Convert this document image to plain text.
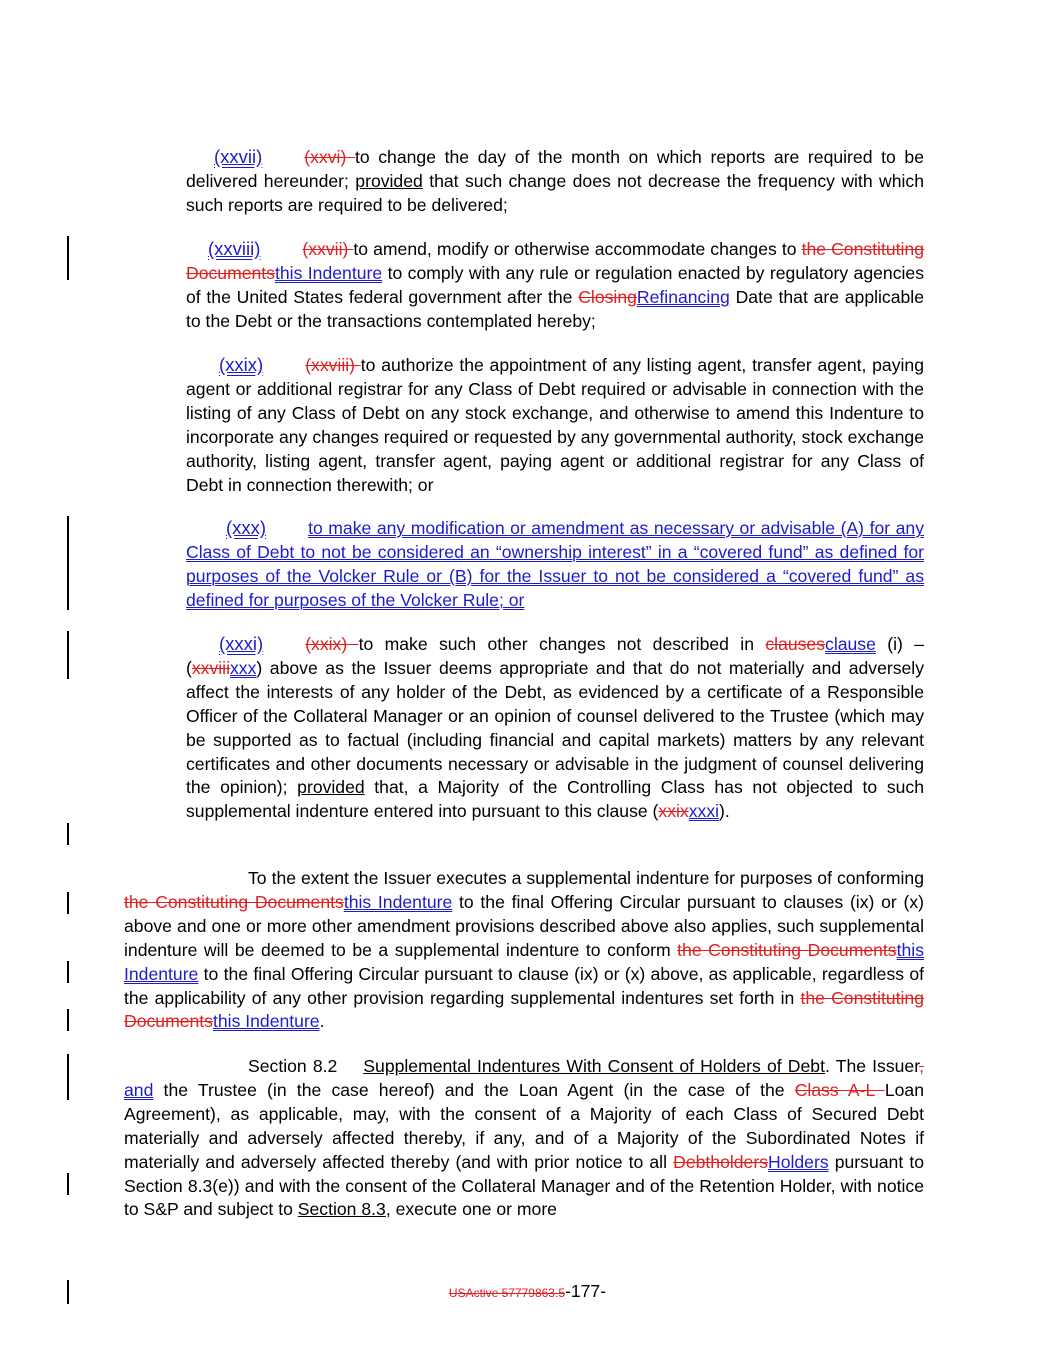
(xxvii) (xxvi) to change the day of the month on which reports are required to be delivered hereunder; provided that such change does not decrease the frequency with which such reports are required to be delivered;
(xxviii) (xxvii) to amend, modify or otherwise accommodate changes to the Constituting Documentsthis Indenture to comply with any rule or regulation enacted by regulatory agencies of the United States federal government after the ClosingRefinancing Date that are applicable to the Debt or the transactions contemplated hereby;
(xxix) (xxviii) to authorize the appointment of any listing agent, transfer agent, paying agent or additional registrar for any Class of Debt required or advisable in connection with the listing of any Class of Debt on any stock exchange, and otherwise to amend this Indenture to incorporate any changes required or requested by any governmental authority, stock exchange authority, listing agent, transfer agent, paying agent or additional registrar for any Class of Debt in connection therewith; or
(xxx) to make any modification or amendment as necessary or advisable (A) for any Class of Debt to not be considered an “ownership interest” in a “covered fund” as defined for purposes of the Volcker Rule or (B) for the Issuer to not be considered a “covered fund” as defined for purposes of the Volcker Rule; or
(xxxi) (xxix) to make such other changes not described in clausesclause (i) – (xxviiixxx) above as the Issuer deems appropriate and that do not materially and adversely affect the interests of any holder of the Debt, as evidenced by a certificate of a Responsible Officer of the Collateral Manager or an opinion of counsel delivered to the Trustee (which may be supported as to factual (including financial and capital markets) matters by any relevant certificates and other documents necessary or advisable in the judgment of counsel delivering the opinion); provided that, a Majority of the Controlling Class has not objected to such supplemental indenture entered into pursuant to this clause (xxixxxxi).
To the extent the Issuer executes a supplemental indenture for purposes of conforming the Constituting Documentsthis Indenture to the final Offering Circular pursuant to clauses (ix) or (x) above and one or more other amendment provisions described above also applies, such supplemental indenture will be deemed to be a supplemental indenture to conform the Constituting Documentsthis Indenture to the final Offering Circular pursuant to clause (ix) or (x) above, as applicable, regardless of the applicability of any other provision regarding supplemental indentures set forth in the Constituting Documentsthis Indenture.
Section 8.2 Supplemental Indentures With Consent of Holders of Debt. The Issuer, and the Trustee (in the case hereof) and the Loan Agent (in the case of the Class A-L Loan Agreement), as applicable, may, with the consent of a Majority of each Class of Secured Debt materially and adversely affected thereby, if any, and of a Majority of the Subordinated Notes if materially and adversely affected thereby (and with prior notice to all DebtholdersHolders pursuant to Section 8.3(e)) and with the consent of the Collateral Manager and of the Retention Holder, with notice to S&P and subject to Section 8.3, execute one or more
USActive 57779863.5-177-
